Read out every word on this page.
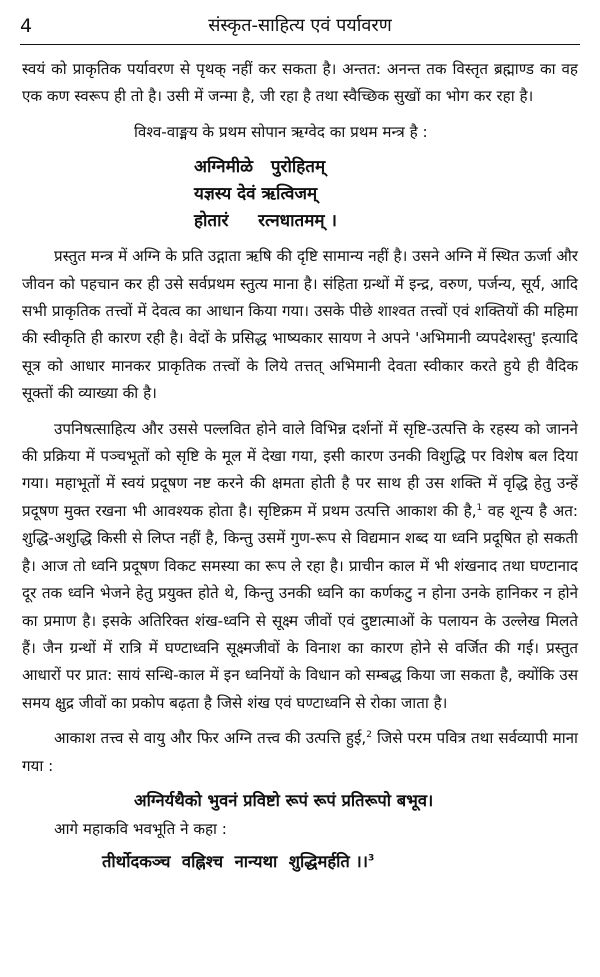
4	संस्कृत-साहित्य एवं पर्यावरण

स्वयं को प्राकृतिक पर्यावरण से पृथक् नहीं कर सकता है। अन्तत: अनन्त तक विस्तृत ब्रह्माण्ड का वह एक कण स्वरूप ही तो है। उसी में जन्मा है, जी रहा है तथा स्वैच्छिक सुखों का भोग कर रहा है।

विश्व-वाङ्मय के प्रथम सोपान ऋग्वेद का प्रथम मन्त्र है :

अग्निमीळे   पुरोहितम्
यज्ञस्य देवं ऋत्विजम्
होतारं     रत्नधातमम् ।

प्रस्तुत मन्त्र में अग्नि के प्रति उद्गाता ऋषि की दृष्टि सामान्य नहीं है। उसने अग्नि में स्थित ऊर्जा और जीवन को पहचान कर ही उसे सर्वप्रथम स्तुत्य माना है। संहिता ग्रन्थों में इन्द्र, वरुण, पर्जन्य, सूर्य, आदि सभी प्राकृतिक तत्त्वों में देवत्व का आधान किया गया। उसके पीछे शाश्वत तत्त्वों एवं शक्तियों की महिमा की स्वीकृति ही कारण रही है। वेदों के प्रसिद्ध भाष्यकार सायण ने अपने 'अभिमानी व्यपदेशस्तु' इत्यादि सूत्र को आधार मानकर प्राकृतिक तत्त्वों के लिये तत्तत् अभिमानी देवता स्वीकार करते हुये ही वैदिक सूक्तों की व्याख्या की है।

उपनिषत्साहित्य और उससे पल्लवित होने वाले विभिन्न दर्शनों में सृष्टि-उत्पत्ति के रहस्य को जानने की प्रक्रिया में पञ्चभूतों को सृष्टि के मूल में देखा गया, इसी कारण उनकी विशुद्धि पर विशेष बल दिया गया। महाभूतों में स्वयं प्रदूषण नष्ट करने की क्षमता होती है पर साथ ही उस शक्ति में वृद्धि हेतु उन्हें प्रदूषण मुक्त रखना भी आवश्यक होता है। सृष्टिक्रम में प्रथम उत्पत्ति आकाश की है,$^1$ वह शून्य है अत: शुद्धि-अशुद्धि किसी से लिप्त नहीं है, किन्तु उसमें गुण-रूप से विद्यमान शब्द या ध्वनि प्रदूषित हो सकती है। आज तो ध्वनि प्रदूषण विकट समस्या का रूप ले रहा है। प्राचीन काल में भी शंखनाद तथा घण्टानाद दूर तक ध्वनि भेजने हेतु प्रयुक्त होते थे, किन्तु उनकी ध्वनि का कर्णकटु न होना उनके हानिकर न होने का प्रमाण है। इसके अतिरिक्त शंख-ध्वनि से सूक्ष्म जीवों एवं दुष्टात्माओं के पलायन के उल्लेख मिलते हैं। जैन ग्रन्थों में रात्रि में घण्टाध्वनि सूक्ष्मजीवों के विनाश का कारण होने से वर्जित की गई। प्रस्तुत आधारों पर प्रात: सायं सन्धि-काल में इन ध्वनियों के विधान को सम्बद्ध किया जा सकता है, क्योंकि उस समय क्षुद्र जीवों का प्रकोप बढ़ता है जिसे शंख एवं घण्टाध्वनि से रोका जाता है।

आकाश तत्त्व से वायु और फिर अग्नि तत्त्व की उत्पत्ति हुई,$^2$ जिसे परम पवित्र तथा सर्वव्यापी माना गया :

अग्निर्यथैको भुवनं प्रविष्टो रूपं रूपं प्रतिरूपो बभूव।

आगे महाकवि भवभूति ने कहा :

तीर्थोदकञ्च  वह्निश्च  नान्यथा  शुद्धिमर्हति ।।$^3$
